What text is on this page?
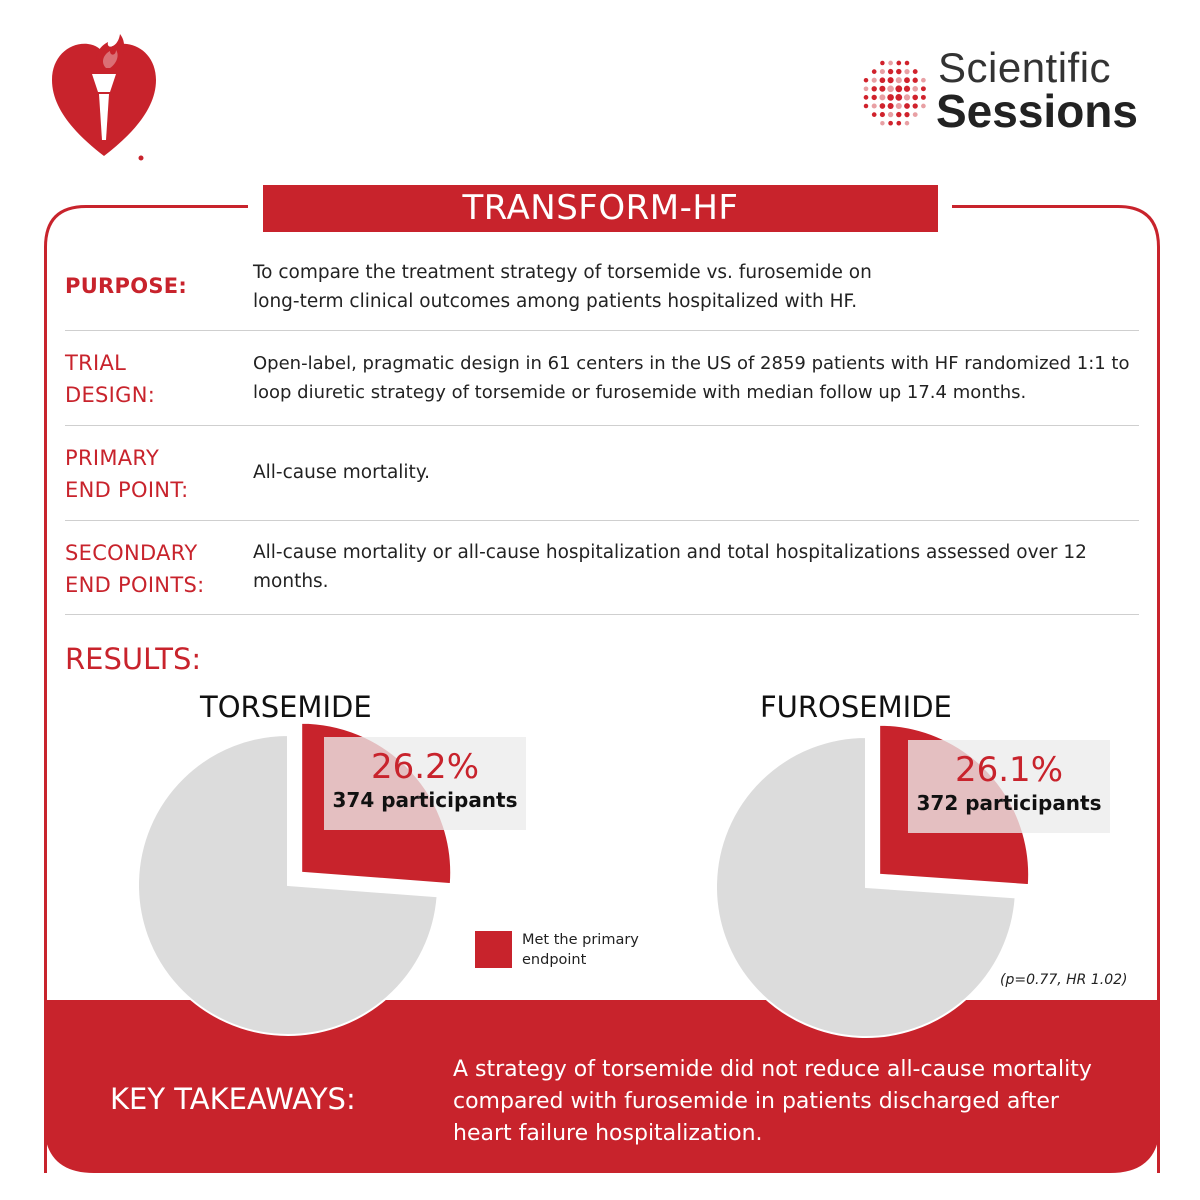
Scientific
Sessions
TRANSFORM-HF
PURPOSE:
To compare the treatment strategy of torsemide vs. furosemide on long-term clinical outcomes among patients hospitalized with HF.
TRIAL
DESIGN:
Open-label, pragmatic design in 61 centers in the US of 2859 patients with HF randomized 1:1 to loop diuretic strategy of torsemide or furosemide with median follow up 17.4 months.
PRIMARY
END POINT:
All-cause mortality.
SECONDARY
END POINTS:
All-cause mortality or all-cause hospitalization and total hospitalizations assessed over 12 months.
RESULTS:
TORSEMIDE	FUROSEMIDE
26.2%
374 participants
26.1%
372 participants
Met the primary endpoint
(p=0.77, HR 1.02)
KEY TAKEAWAYS:
A strategy of torsemide did not reduce all-cause mortality compared with furosemide in patients discharged after heart failure hospitalization.
